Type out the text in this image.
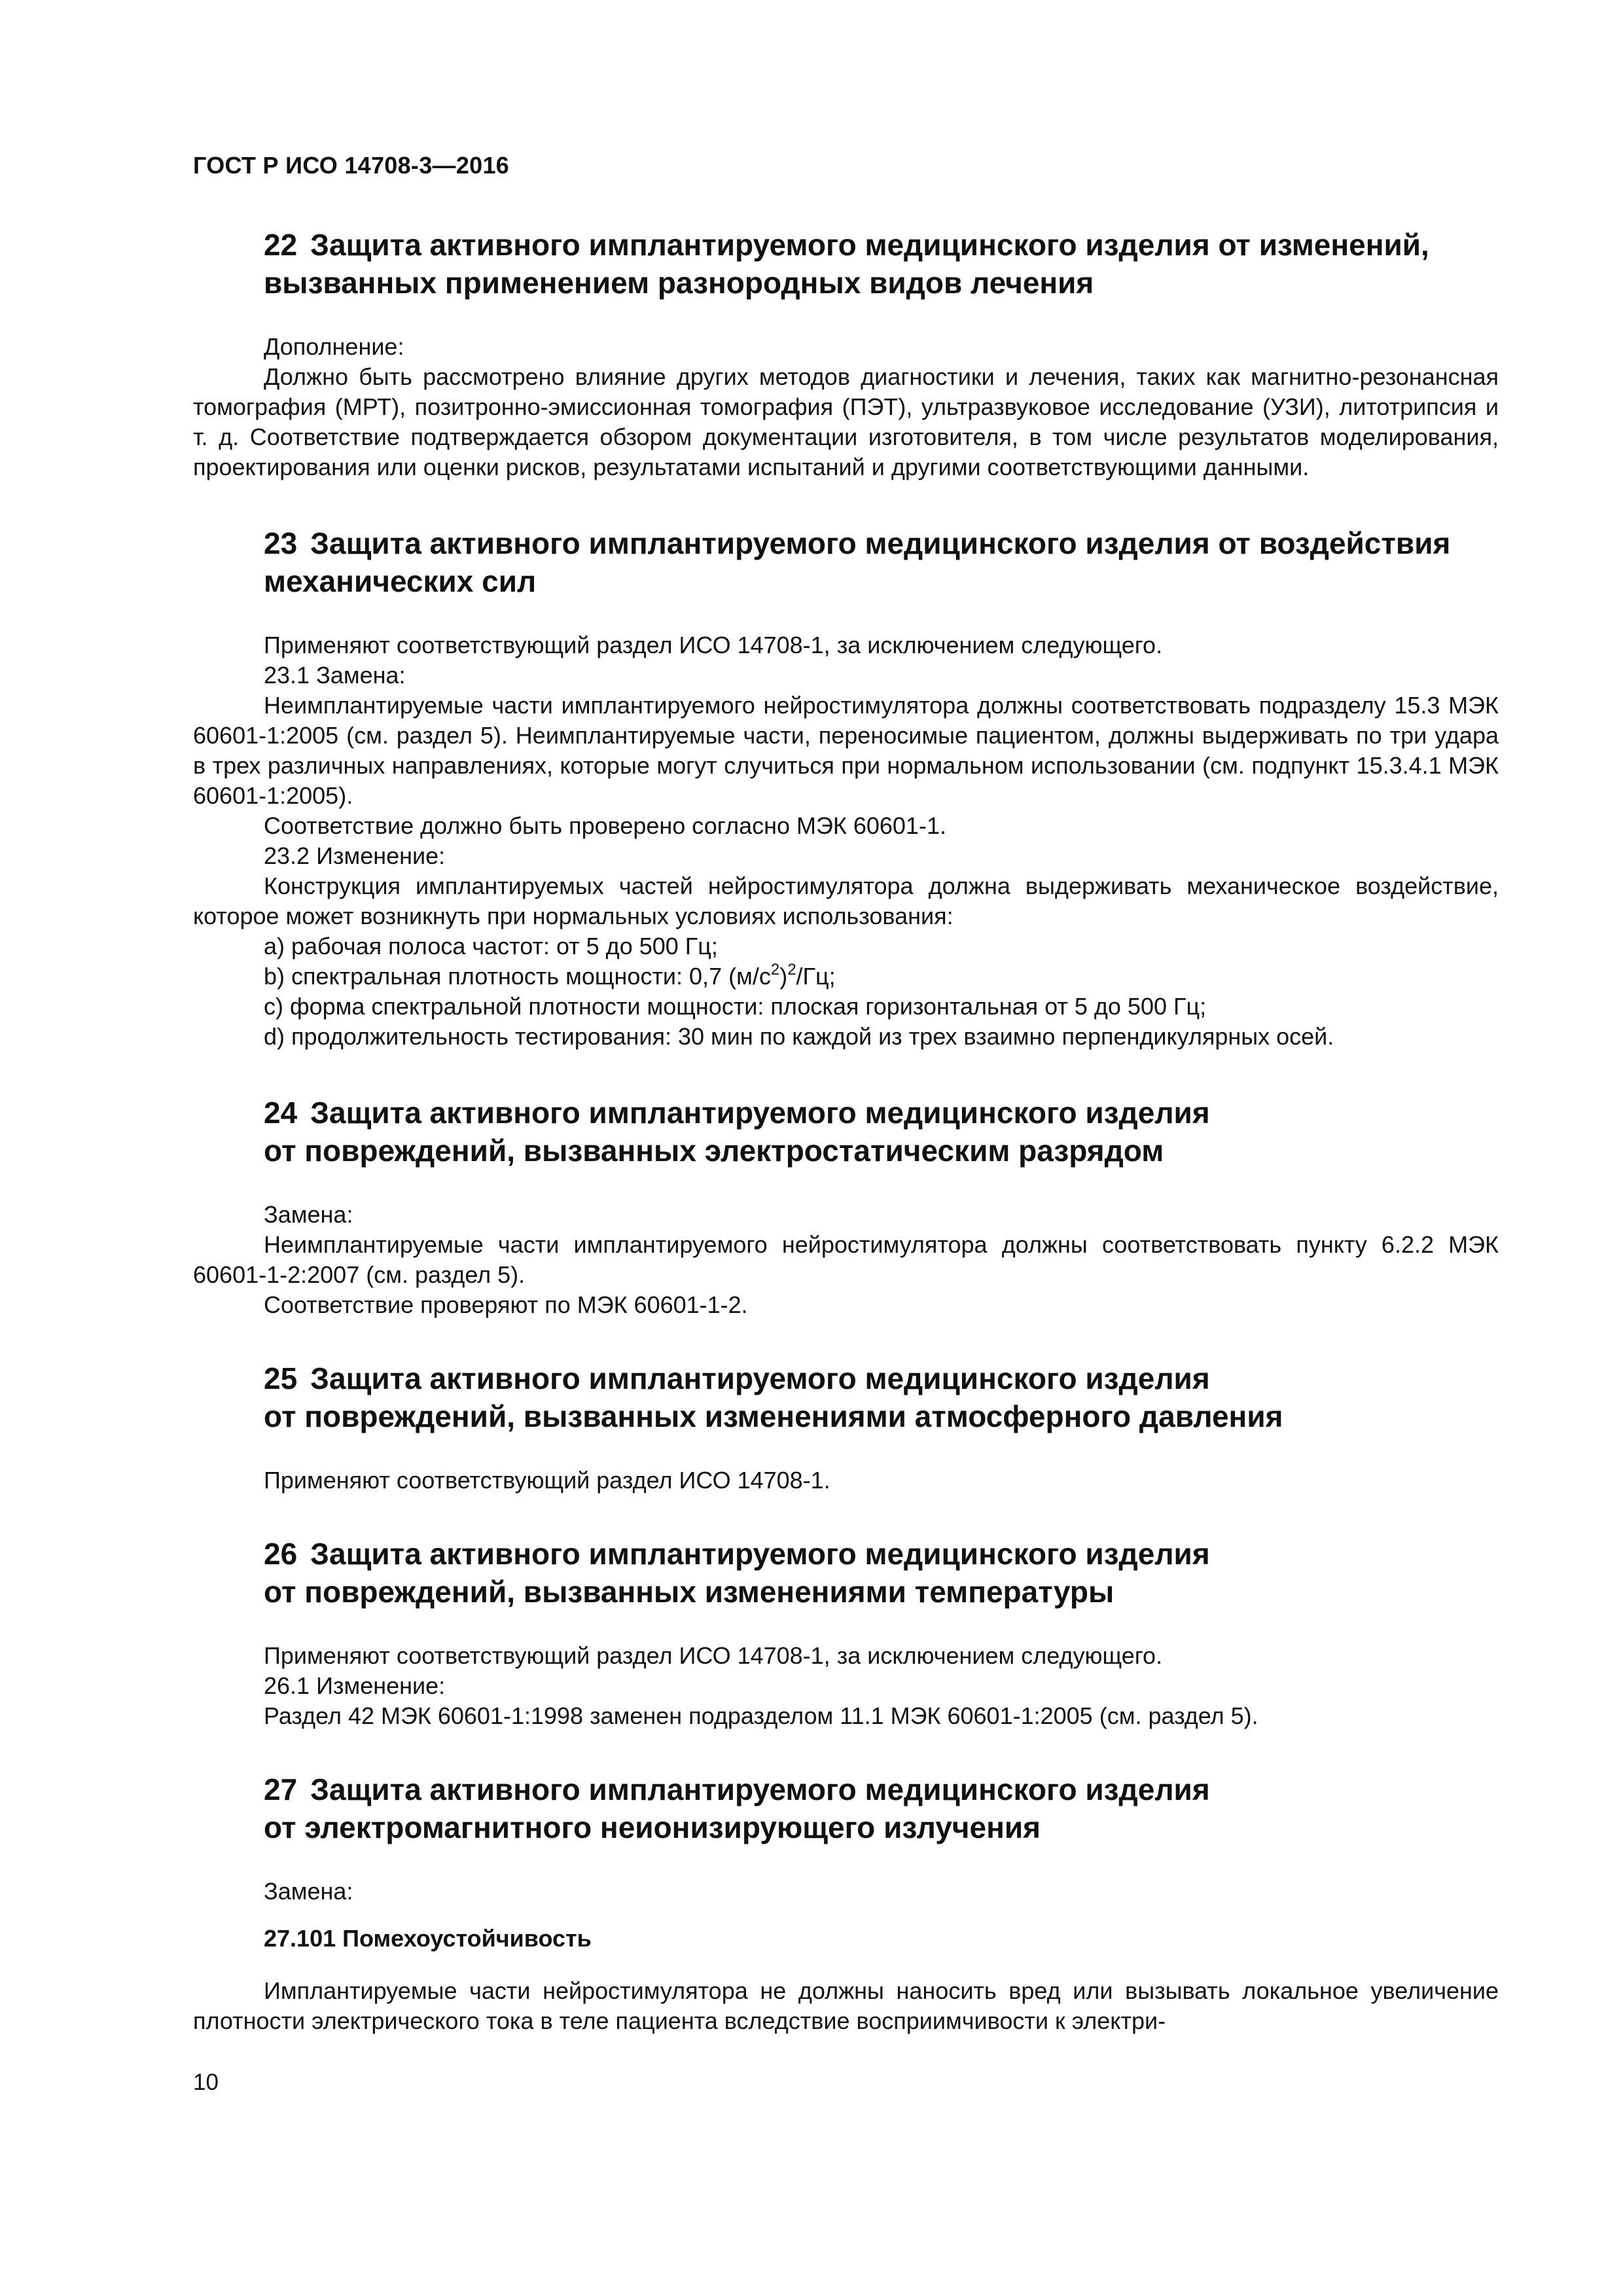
ГОСТ Р ИСО 14708-3—2016
22 Защита активного имплантируемого медицинского изделия от изменений, вызванных применением разнородных видов лечения

Дополнение:

Должно быть рассмотрено влияние других методов диагностики и лечения, таких как магнитно-резонансная томография (МРТ), позитронно-эмиссионная томография (ПЭТ), ультразвуковое исследование (УЗИ), литотрипсия и т. д. Соответствие подтверждается обзором документации изготовителя, в том числе результатов моделирования, проектирования или оценки рисков, результатами испытаний и другими соответствующими данными.

23 Защита активного имплантируемого медицинского изделия от воздействия механических сил

Применяют соответствующий раздел ИСО 14708-1, за исключением следующего.

23.1 Замена:

Неимплантируемые части имплантируемого нейростимулятора должны соответствовать подразделу 15.3 МЭК 60601-1:2005 (см. раздел 5). Неимплантируемые части, переносимые пациентом, должны выдерживать по три удара в трех различных направлениях, которые могут случиться при нормальном использовании (см. подпункт 15.3.4.1 МЭК 60601-1:2005).

Соответствие должно быть проверено согласно МЭК 60601-1.

23.2 Изменение:

Конструкция имплантируемых частей нейростимулятора должна выдерживать механическое воздействие, которое может возникнуть при нормальных условиях использования:

a) рабочая полоса частот: от 5 до 500 Гц;

b) спектральная плотность мощности: 0,7 $(м/с^2)^2/Гц$;

c) форма спектральной плотности мощности: плоская горизонтальная от 5 до 500 Гц;

d) продолжительность тестирования: 30 мин по каждой из трех взаимно перпендикулярных осей.

24 Защита активного имплантируемого медицинского изделия
от повреждений, вызванных электростатическим разрядом

Замена:

Неимплантируемые части имплантируемого нейростимулятора должны соответствовать пункту 6.2.2 МЭК 60601-1-2:2007 (см. раздел 5).

Соответствие проверяют по МЭК 60601-1-2.

25 Защита активного имплантируемого медицинского изделия
от повреждений, вызванных изменениями атмосферного давления

Применяют соответствующий раздел ИСО 14708-1.

26 Защита активного имплантируемого медицинского изделия
от повреждений, вызванных изменениями температуры

Применяют соответствующий раздел ИСО 14708-1, за исключением следующего.

26.1 Изменение:

Раздел 42 МЭК 60601-1:1998 заменен подразделом 11.1 МЭК 60601-1:2005 (см. раздел 5).

27 Защита активного имплантируемого медицинского изделия
от электромагнитного неионизирующего излучения

Замена:

27.101 Помехоустойчивость

Имплантируемые части нейростимулятора не должны наносить вред или вызывать локальное увеличение плотности электрического тока в теле пациента вследствие восприимчивости к электри-

10
